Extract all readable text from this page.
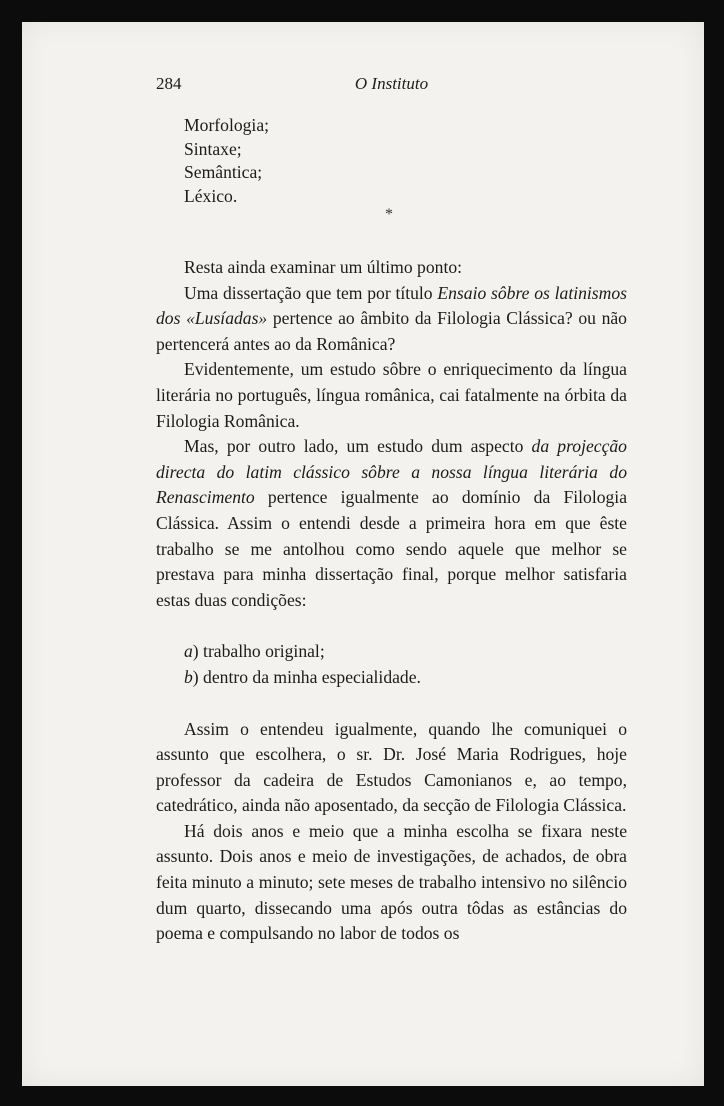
284	O Instituto
Morfologia;
Sintaxe;
Semântica;
Léxico.
*

Resta ainda examinar um último ponto:

Uma dissertação que tem por título Ensaio sôbre os latinismos dos «Lusíadas» pertence ao âmbito da Filologia Clássica? ou não pertencerá antes ao da Românica?

Evidentemente, um estudo sôbre o enriquecimento da língua literária no português, língua românica, cai fatalmente na órbita da Filologia Românica.

Mas, por outro lado, um estudo dum aspecto da projecção directa do latim clássico sôbre a nossa língua literária do Renascimento pertence igualmente ao domínio da Filologia Clássica. Assim o entendi desde a primeira hora em que êste trabalho se me antolhou como sendo aquele que melhor se prestava para minha dissertação final, porque melhor satisfaria estas duas condições:

a) trabalho original;
b) dentro da minha especialidade.

Assim o entendeu igualmente, quando lhe comuniquei o assunto que escolhera, o sr. Dr. José Maria Rodrigues, hoje professor da cadeira de Estudos Camonianos e, ao tempo, catedrático, ainda não aposentado, da secção de Filologia Clássica.

Há dois anos e meio que a minha escolha se fixara neste assunto. Dois anos e meio de investigações, de achados, de obra feita minuto a minuto; sete meses de trabalho intensivo no silêncio dum quarto, dissecando uma após outra tôdas as estâncias do poema e compulsando no labor de todos os
